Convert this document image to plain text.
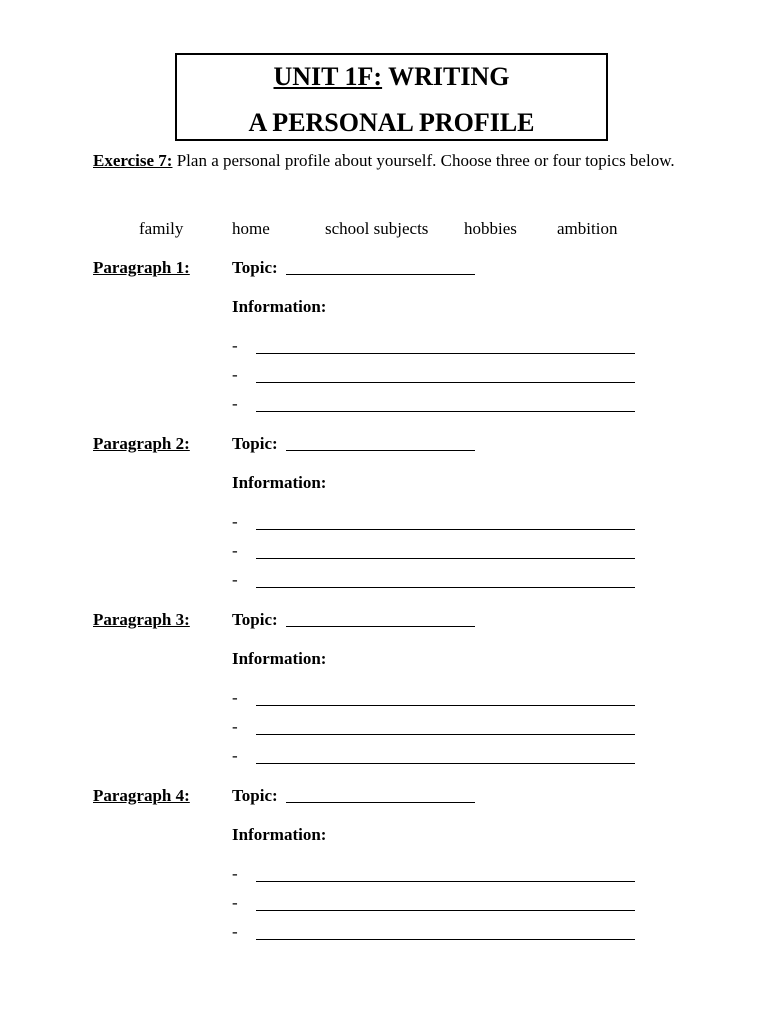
UNIT 1F: WRITING
A PERSONAL PROFILE
Exercise 7: Plan a personal profile about yourself. Choose three or four topics below.
family	home	school subjects hobbies ambition
Paragraph 1: Topic:
Information:
-
-
-
Paragraph 2: Topic:
Information:
-
-
-
Paragraph 3: Topic:
Information:
-
-
-
Paragraph 4: Topic:
Information:
-
-
-
